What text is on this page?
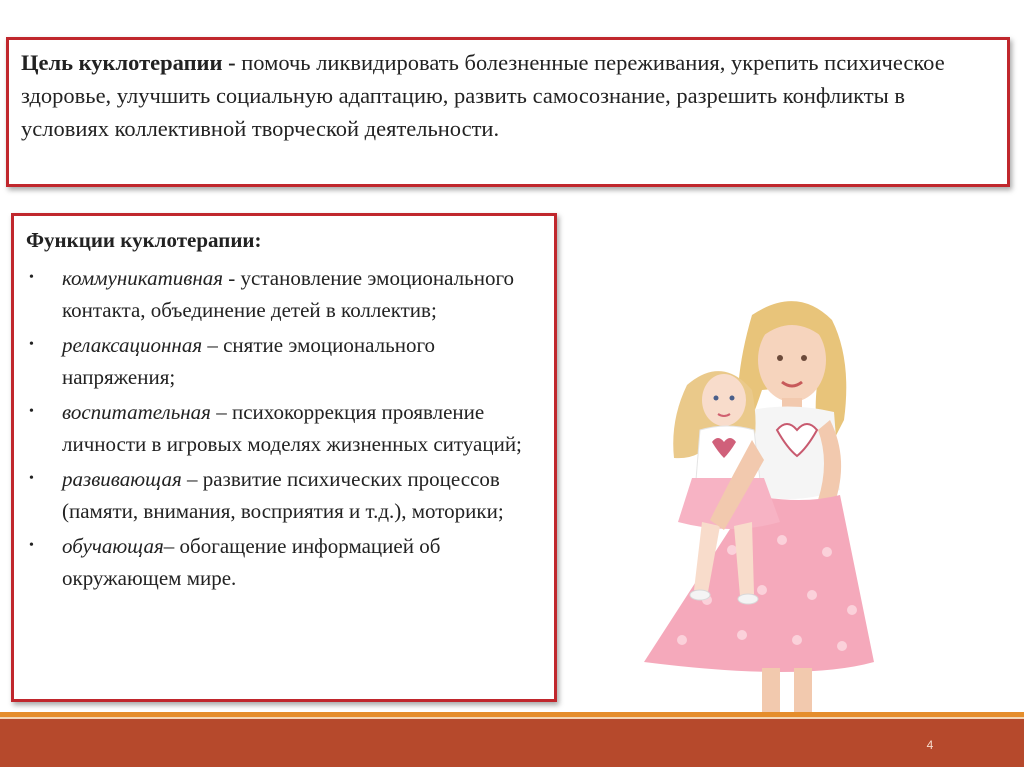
Цель куклотерапии - помочь ликвидировать болезненные переживания, укрепить психическое здоровье, улучшить социальную адаптацию, развить самосознание, разрешить конфликты в условиях коллективной творческой деятельности.
Функции куклотерапии:
• коммуникативная - установление эмоционального контакта, объединение детей в коллектив;
• релаксационная – снятие эмоционального напряжения;
• воспитательная – психокоррекция проявление личности в игровых моделях жизненных ситуаций;
• развивающая – развитие психических процессов (памяти, внимания, восприятия и т.д.), моторики;
• обучающая– обогащение информацией об окружающем мире.
4
